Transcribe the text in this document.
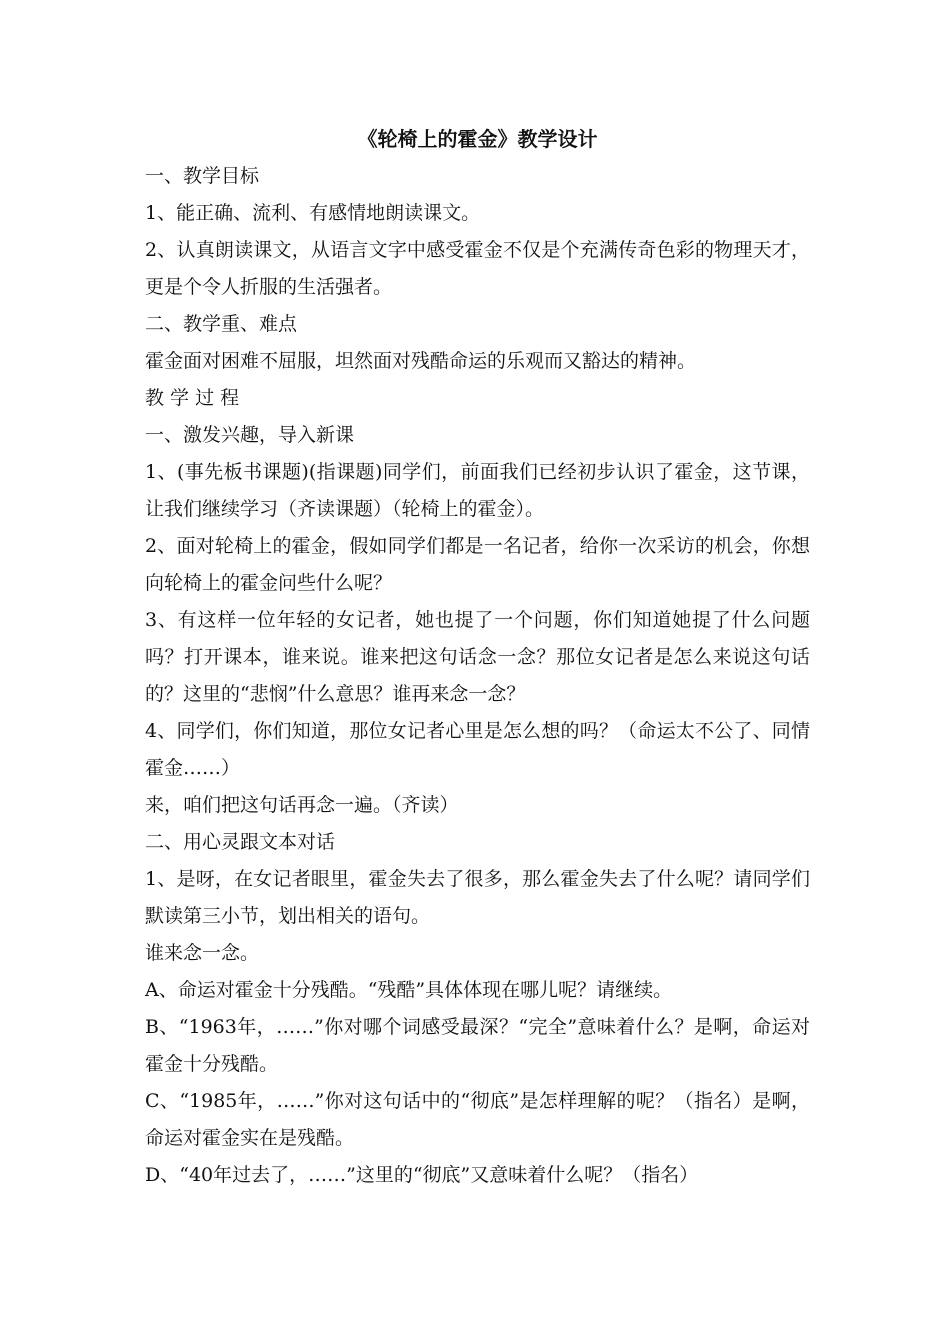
《轮椅上的霍金》教学设计
一、教学目标
1、能正确、流利、有感情地朗读课文。
2、认真朗读课文，从语言文字中感受霍金不仅是个充满传奇色彩的物理天才，更是个令人折服的生活强者。
二、教学重、难点
霍金面对困难不屈服，坦然面对残酷命运的乐观而又豁达的精神。
教 学 过 程
一、激发兴趣，导入新课
1、(事先板书课题)(指课题)同学们，前面我们已经初步认识了霍金，这节课，让我们继续学习（齐读课题）（轮椅上的霍金）。
2、面对轮椅上的霍金，假如同学们都是一名记者，给你一次采访的机会，你想向轮椅上的霍金问些什么呢？
3、有这样一位年轻的女记者，她也提了一个问题，你们知道她提了什么问题吗？打开课本，谁来说。谁来把这句话念一念？那位女记者是怎么来说这句话的？这里的“悲悯”什么意思？谁再来念一念？
4、同学们，你们知道，那位女记者心里是怎么想的吗？（命运太不公了、同情霍金……）
来，咱们把这句话再念一遍。（齐读）
二、用心灵跟文本对话
1、是呀，在女记者眼里，霍金失去了很多，那么霍金失去了什么呢？请同学们默读第三小节，划出相关的语句。
谁来念一念。
A、命运对霍金十分残酷。“残酷”具体体现在哪儿呢？请继续。
B、“1963年，……”你对哪个词感受最深？“完全”意味着什么？是啊，命运对霍金十分残酷。
C、“1985年，……”你对这句话中的“彻底”是怎样理解的呢？（指名）是啊，命运对霍金实在是残酷。
D、“40年过去了，……”这里的“彻底”又意味着什么呢？（指名）
